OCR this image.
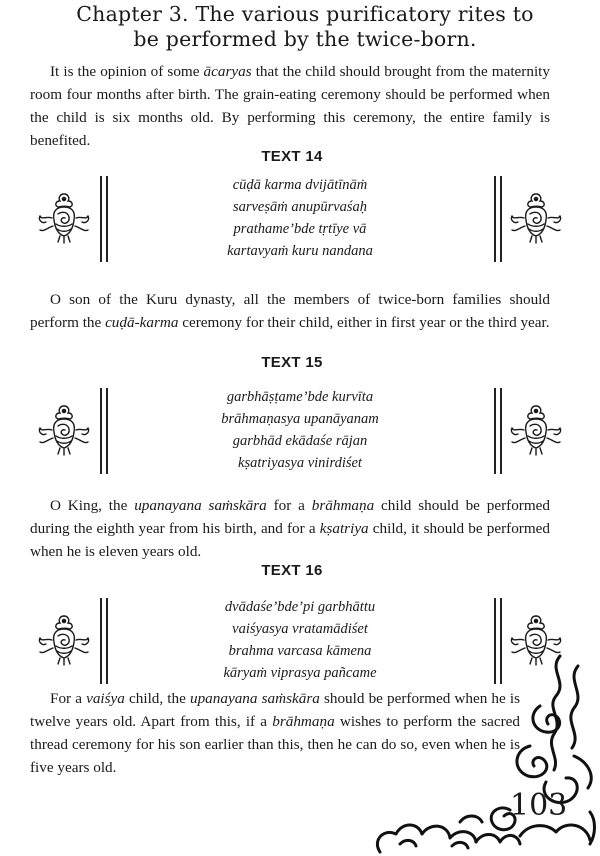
Chapter 3. The various purificatory rites to
be performed by the twice-born.
It is the opinion of some ācaryas that the child should brought from the maternity room four months after birth. The grain-eating ceremony should be performed when the child is six months old. By performing this ceremony, the entire family is benefited.
TEXT 14
cūḍā karma dvijātīnāṁ
sarveṣāṁ anupūrvaśaḥ
prathame’bde tṛtīye vā
kartavyaṁ kuru nandana
O son of the Kuru dynasty, all the members of twice-born families should perform the cuḍā-karma ceremony for their child, either in first year or the third year.
TEXT 15
garbhāṣṭame’bde kurvīta
brāhmaṇasya upanāyanam
garbhād ekādaśe rājan
kṣatriyasya vinirdiśet
O King, the upanayana saṁskāra for a brāhmaṇa child should be performed during the eighth year from his birth, and for a kṣatriya child, it should be performed when he is eleven years old.
TEXT 16
dvādaśe’bde’pi garbhāttu
vaiśyasya vratamādiśet
brahma varcasa kāmena
kāryaṁ viprasya pañcame
For a vaiśya child, the upanayana saṁskāra should be performed when he is twelve years old. Apart from this, if a brāhmaṇa wishes to perform the sacred thread ceremony for his son earlier than this, then he can do so, even when he is five years old.
103
